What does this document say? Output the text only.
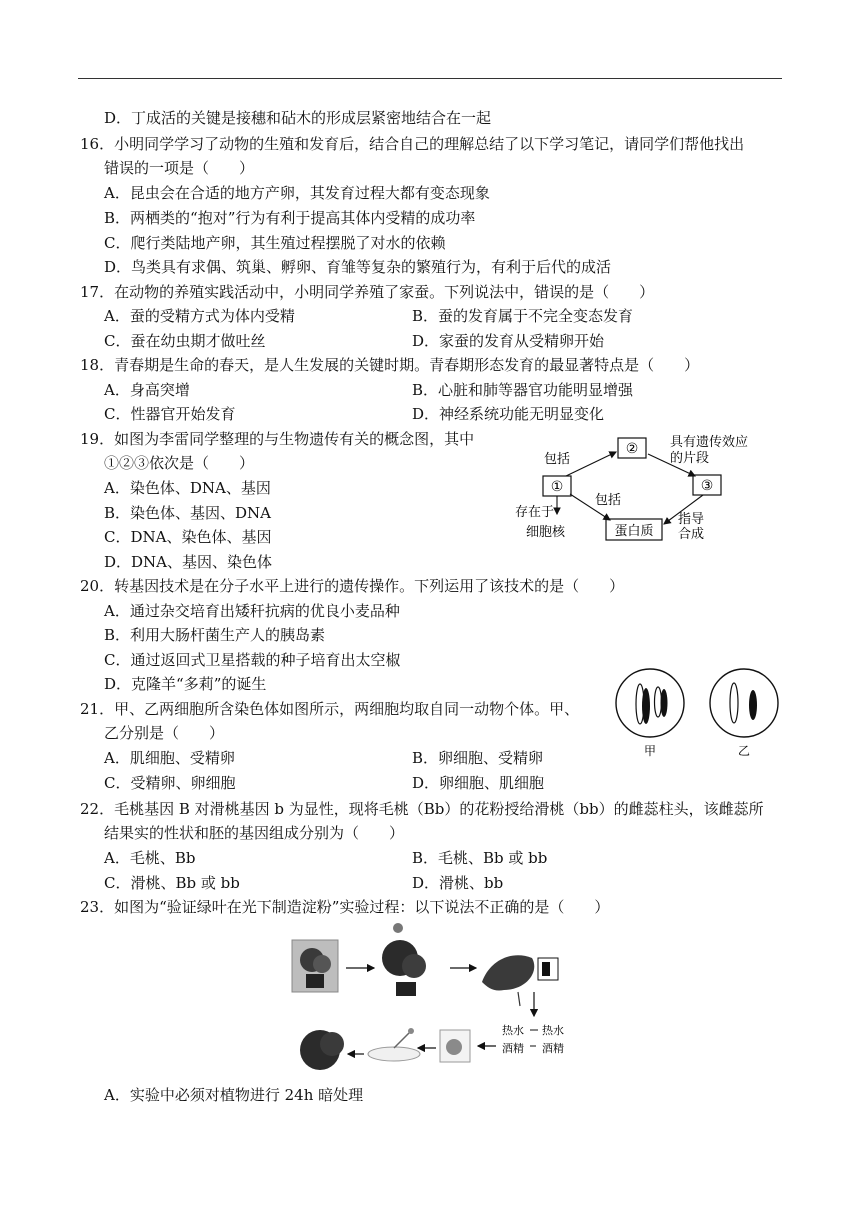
D．丁成活的关键是接穗和砧木的形成层紧密地结合在一起
16．小明同学学习了动物的生殖和发育后，结合自己的理解总结了以下学习笔记，请同学们帮他找出
错误的一项是（　　）
A．昆虫会在合适的地方产卵，其发育过程大都有变态现象
B．两栖类的“抱对”行为有利于提高其体内受精的成功率
C．爬行类陆地产卵，其生殖过程摆脱了对水的依赖
D．鸟类具有求偶、筑巢、孵卵、育雏等复杂的繁殖行为，有利于后代的成活
17．在动物的养殖实践活动中，小明同学养殖了家蚕。下列说法中，错误的是（　　）
A．蚕的受精方式为体内受精	B．蚕的发育属于不完全变态发育
C．蚕在幼虫期才做吐丝	D．家蚕的发育从受精卵开始
18．青春期是生命的春天，是人生发展的关键时期。青春期形态发育的最显著特点是（　　）
A．身高突增	B．心脏和肺等器官功能明显增强
C．性器官开始发育	D．神经系统功能无明显变化
19．如图为李雷同学整理的与生物遗传有关的概念图，其中
①②③依次是（　　）
A．染色体、DNA、基因
B．染色体、基因、DNA
C．DNA、染色体、基因
D．DNA、基因、染色体
①
②
③
蛋白质
包括
具有遗传效应
的片段
包括
指导
合成
存在于
细胞核
20．转基因技术是在分子水平上进行的遗传操作。下列运用了该技术的是（　　）
A．通过杂交培育出矮秆抗病的优良小麦品种
B．利用大肠杆菌生产人的胰岛素
C．通过返回式卫星搭载的种子培育出太空椒
D．克隆羊“多莉”的诞生
21．甲、乙两细胞所含染色体如图所示，两细胞均取自同一动物个体。甲、
乙分别是（　　）
A．肌细胞、受精卵	B．卵细胞、受精卵
C．受精卵、卵细胞	D．卵细胞、肌细胞
甲	乙
22．毛桃基因 B 对滑桃基因 b 为显性，现将毛桃（Bb）的花粉授给滑桃（bb）的雌蕊柱头，该雌蕊所
结果实的性状和胚的基因组成分别为（　　）
A．毛桃、Bb	B．毛桃、Bb 或 bb
C．滑桃、Bb 或 bb	D．滑桃、bb
23．如图为“验证绿叶在光下制造淀粉”实验过程：以下说法不正确的是（　　）
热水
酒精
热水
酒精
A．实验中必须对植物进行 24h 暗处理
